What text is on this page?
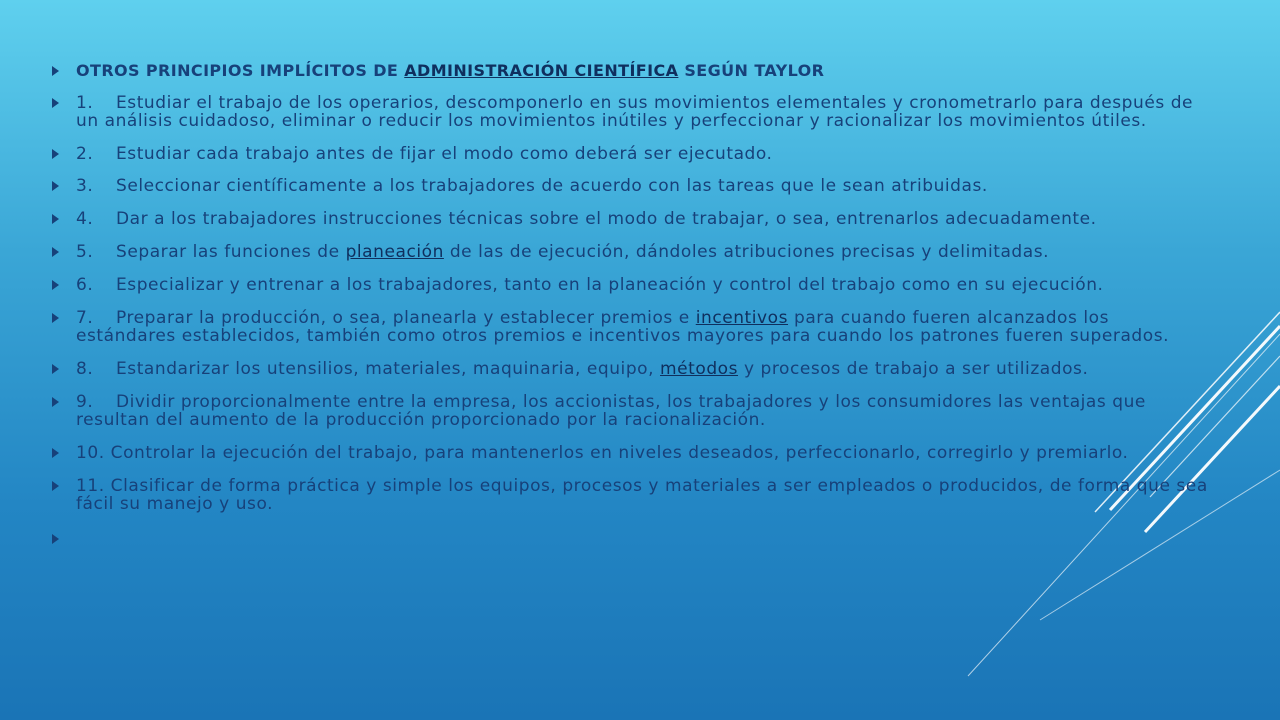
OTROS PRINCIPIOS IMPLÍCITOS DE ADMINISTRACIÓN CIENTÍFICA SEGÚN TAYLOR
1. Estudiar el trabajo de los operarios, descomponerlo en sus movimientos elementales y cronometrarlo para después de un análisis cuidadoso, eliminar o reducir los movimientos inútiles y perfeccionar y racionalizar los movimientos útiles.
2. Estudiar cada trabajo antes de fijar el modo como deberá ser ejecutado.
3. Seleccionar científicamente a los trabajadores de acuerdo con las tareas que le sean atribuidas.
4. Dar a los trabajadores instrucciones técnicas sobre el modo de trabajar, o sea, entrenarlos adecuadamente.
5. Separar las funciones de planeación de las de ejecución, dándoles atribuciones precisas y delimitadas.
6. Especializar y entrenar a los trabajadores, tanto en la planeación y control del trabajo como en su ejecución.
7. Preparar la producción, o sea, planearla y establecer premios e incentivos para cuando fueren alcanzados los estándares establecidos, también como otros premios e incentivos mayores para cuando los patrones fueren superados.
8. Estandarizar los utensilios, materiales, maquinaria, equipo, métodos y procesos de trabajo a ser utilizados.
9. Dividir proporcionalmente entre la empresa, los accionistas, los trabajadores y los consumidores las ventajas que resultan del aumento de la producción proporcionado por la racionalización.
10. Controlar la ejecución del trabajo, para mantenerlos en niveles deseados, perfeccionarlo, corregirlo y premiarlo.
11. Clasificar de forma práctica y simple los equipos, procesos y materiales a ser empleados o producidos, de forma que sea fácil su manejo y uso.
